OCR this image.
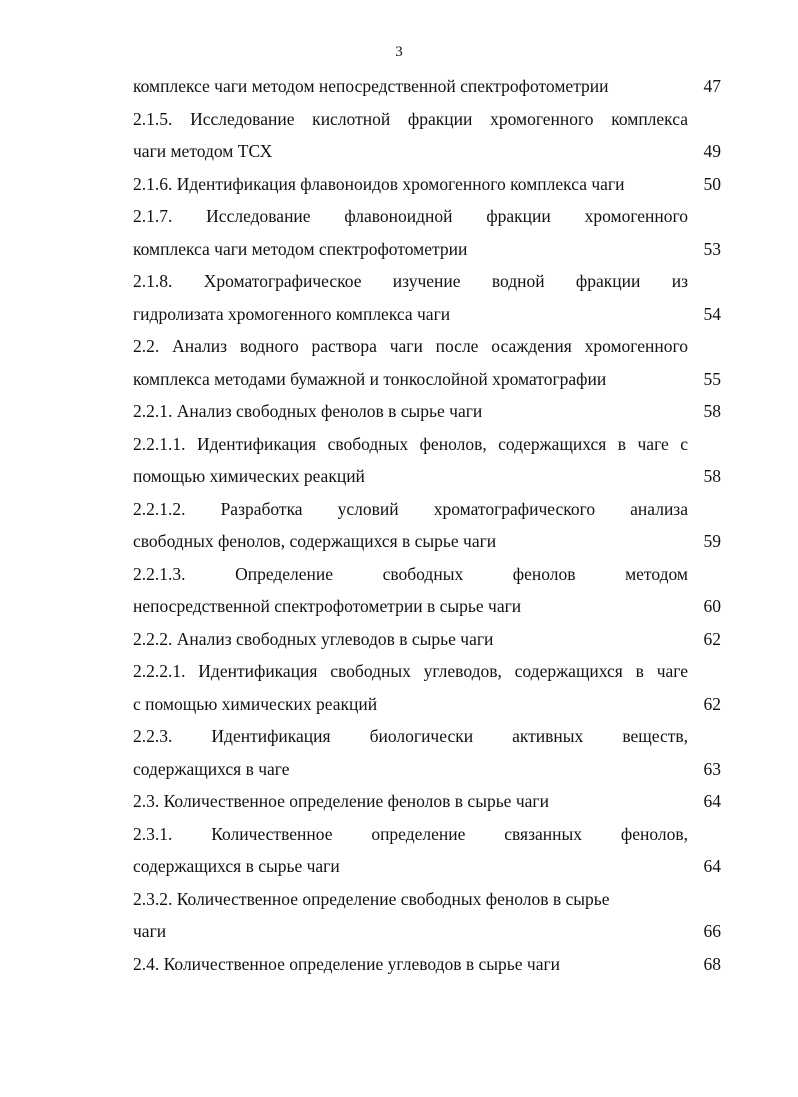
3
комплексе чаги методом непосредственной спектрофотометрии	47
2.1.5. Исследование кислотной фракции хромогенного комплекса
чаги методом ТСХ	49
2.1.6. Идентификация флавоноидов хромогенного комплекса чаги	50
2.1.7. Исследование флавоноидной фракции хромогенного
комплекса чаги методом спектрофотометрии	53
2.1.8. Хроматографическое изучение водной фракции из
гидролизата хромогенного комплекса чаги	54
2.2. Анализ водного раствора чаги после осаждения хромогенного
комплекса методами бумажной и тонкослойной хроматографии	55
2.2.1. Анализ свободных фенолов в сырье чаги	58
2.2.1.1. Идентификация свободных фенолов, содержащихся в чаге с
помощью химических реакций	58
2.2.1.2. Разработка условий хроматографического анализа
свободных фенолов, содержащихся в сырье чаги	59
2.2.1.3. Определение свободных фенолов методом
непосредственной спектрофотометрии в сырье чаги	60
2.2.2. Анализ свободных углеводов в сырье чаги	62
2.2.2.1. Идентификация свободных углеводов, содержащихся в чаге
с помощью химических реакций	62
2.2.3. Идентификация биологически активных веществ,
содержащихся в чаге	63
2.3. Количественное определение фенолов в сырье чаги	64
2.3.1. Количественное определение связанных фенолов,
содержащихся в сырье чаги	64
2.3.2. Количественное определение свободных фенолов в сырье
чаги	66
2.4. Количественное определение углеводов в сырье чаги	68
